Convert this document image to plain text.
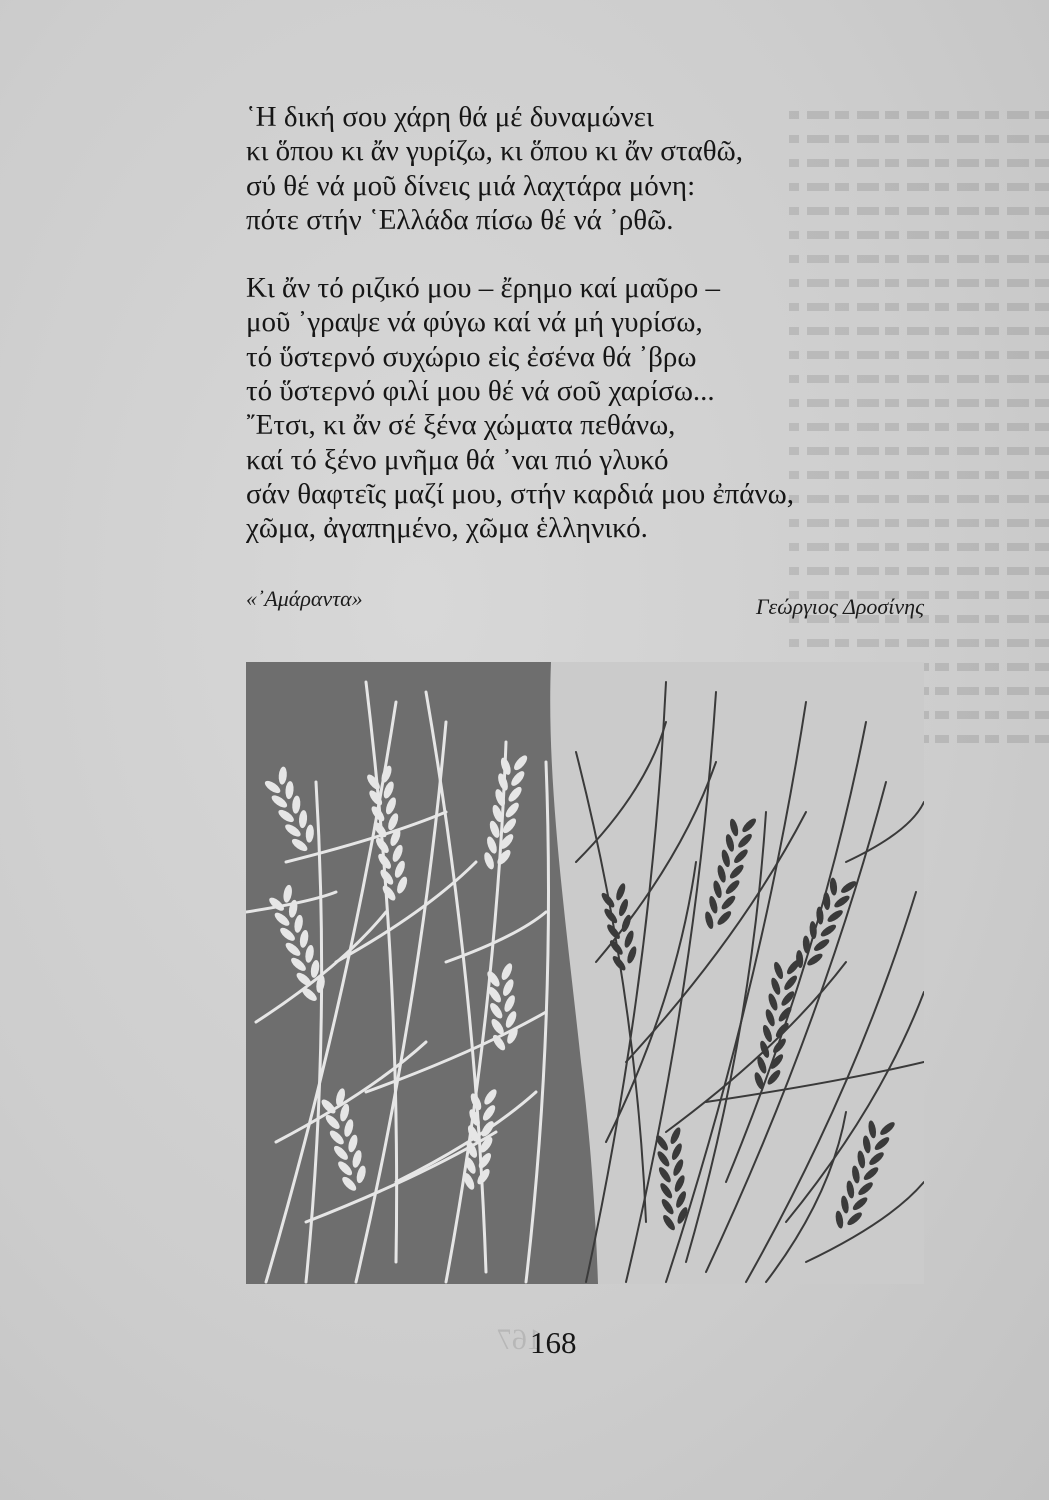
῾Η δική σου χάρη θά μέ δυναμώνει
κι ὅπου κι ἄν γυρίζω, κι ὅπου κι ἄν σταθῶ,
σύ θέ νά μοῦ δίνεις μιά λαχτάρα μόνη:
πότε στήν ῾Ελλάδα πίσω θέ νά ᾿ρθῶ.
Κι ἄν τό ριζικό μου – ἔρημο καί μαῦρο –
μοῦ ᾿γραψε νά φύγω καί νά μή γυρίσω,
τό ὕστερνό συχώριο εἰς ἐσένα θά ᾿βρω
τό ὕστερνό φιλί μου θέ νά σοῦ χαρίσω...
῎Ετσι, κι ἄν σέ ξένα χώματα πεθάνω,
καί τό ξένο μνῆμα θά ᾿ναι πιό γλυκό
σάν θαφτεῖς μαζί μου, στήν καρδιά μου ἐπάνω,
χῶμα, ἀγαπημένο, χῶμα ἑλληνικό.
«᾿Αμάραντα»	Γεώργιος Δροσίνης
167
168
